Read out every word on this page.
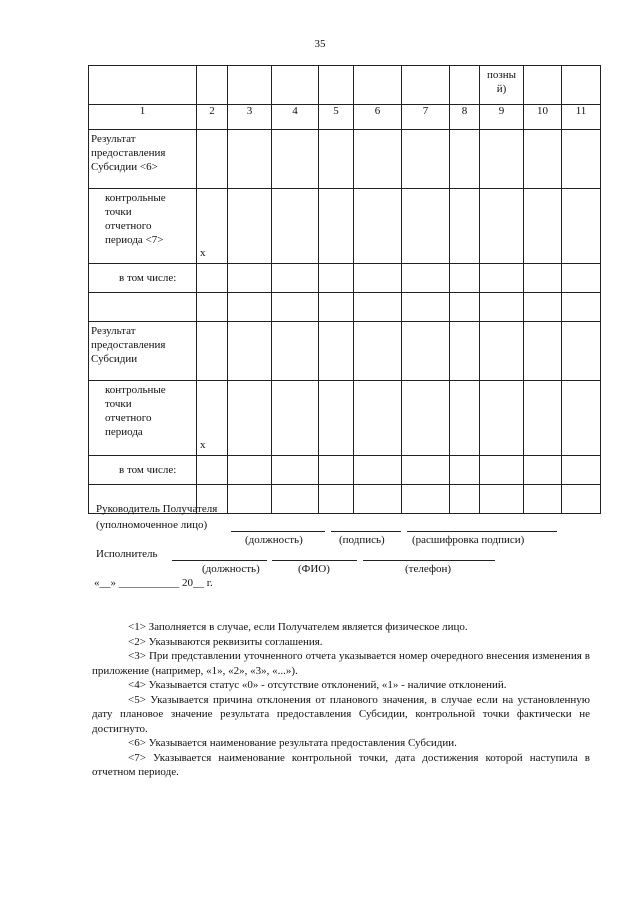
35
								позны
й)		
1	2	3	4	5	6	7	8	9	10	11
Результат
предоставления
Субсидии <6>										
контрольные
точки
отчетного
периода <7>	x									
в том числе:										

Результат
предоставления
Субсидии										
контрольные
точки
отчетного
периода	x									
в том числе:										

Руководитель Получателя
(уполномоченное лицо)
(должность)	(подпись) (расшифровка подписи)
Исполнитель
(должность)	(ФИО)	(телефон)
«__» ___________ 20__ г.

<1> Заполняется в случае, если Получателем является физическое лицо.

<2> Указываются реквизиты соглашения.

<3> При представлении уточненного отчета указывается номер очередного внесения изменения в приложение (например, «1», «2», «3», «...»).

<4> Указывается статус «0» - отсутствие отклонений, «1» - наличие отклонений.

<5> Указывается причина отклонения от планового значения, в случае если на установленную дату плановое значение результата предоставления Субсидии, контрольной точки фактически не достигнуто.

<6> Указывается наименование результата предоставления Субсидии.

<7> Указывается наименование контрольной точки, дата достижения которой наступила в отчетном периоде.
